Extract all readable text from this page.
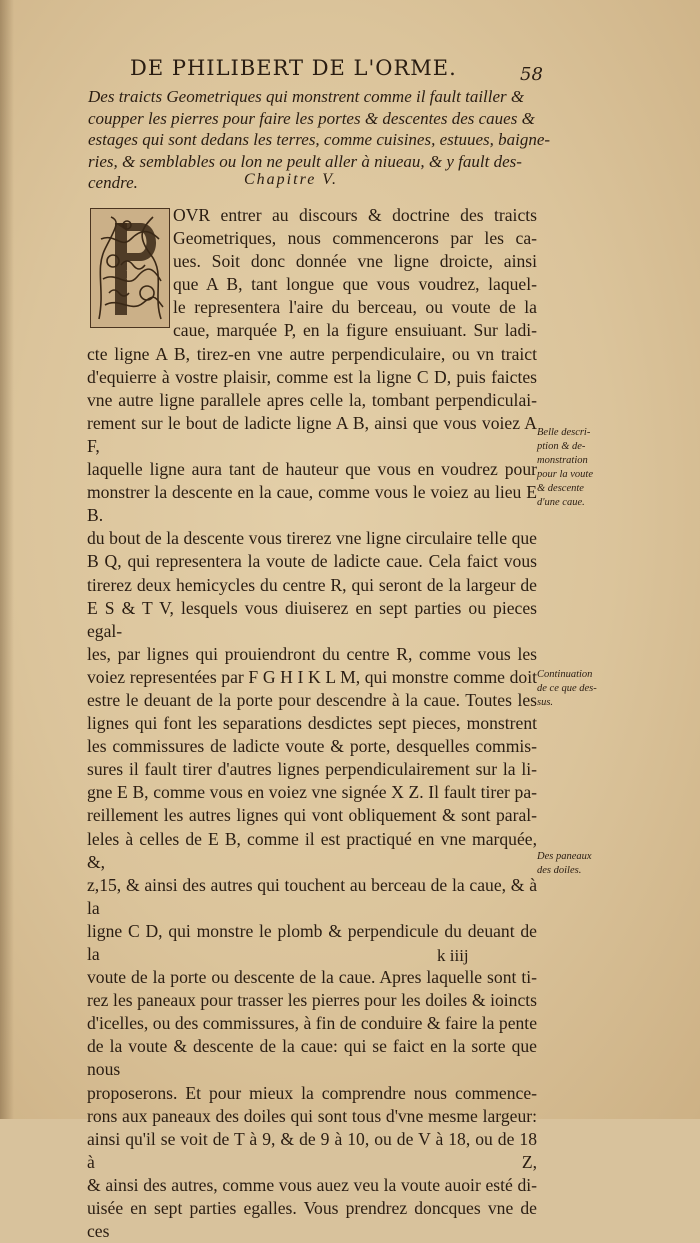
DE PHILIBERT DE L'ORME.	58
Des traicts Geometriques qui monstrent comme il fault tailler &
coupper les pierres pour faire les portes & descentes des caues &
estages qui sont dedans les terres, comme cuisines, estuues, baigne-
ries, & semblables ou lon ne peult aller à niueau, & y fault des-
cendre.	Chapitre V.
P
OVR entrer au discours & doctrine des traicts
Geometriques, nous commencerons par les ca-
ues. Soit donc donnée vne ligne droicte, ainsi
que A B, tant longue que vous voudrez, laquel-
le representera l'aire du berceau, ou voute de la
caue, marquée P, en la figure ensuiuant. Sur ladi-
cte ligne A B, tirez-en vne autre perpendiculaire, ou vn traict
d'equierre à vostre plaisir, comme est la ligne C D, puis faictes
vne autre ligne parallele apres celle la, tombant perpendiculai-
rement sur le bout de ladicte ligne A B, ainsi que vous voiez A F,
laquelle ligne aura tant de hauteur que vous en voudrez pour
monstrer la descente en la caue, comme vous le voiez au lieu E B.
du bout de la descente vous tirerez vne ligne circulaire telle que
B Q, qui representera la voute de ladicte caue. Cela faict vous
tirerez deux hemicycles du centre R, qui seront de la largeur de
E S & T V, lesquels vous diuiserez en sept parties ou pieces egal-
les, par lignes qui prouiendront du centre R, comme vous les
voiez representées par F G H I K L M, qui monstre comme doit
estre le deuant de la porte pour descendre à la caue. Toutes les
lignes qui font les separations desdictes sept pieces, monstrent
les commissures de ladicte voute & porte, desquelles commis-
sures il fault tirer d'autres lignes perpendiculairement sur la li-
gne E B, comme vous en voiez vne signée X Z. Il fault tirer pa-
reillement les autres lignes qui vont obliquement & sont paral-
leles à celles de E B, comme il est practiqué en vne marquée, &,
z,15, & ainsi des autres qui touchent au berceau de la caue, & à la
ligne C D, qui monstre le plomb & perpendicule du deuant de la
voute de la porte ou descente de la caue. Apres laquelle sont ti-
rez les paneaux pour trasser les pierres pour les doiles & ioincts
d'icelles, ou des commissures, à fin de conduire & faire la pente
de la voute & descente de la caue: qui se faict en la sorte que nous
proposerons. Et pour mieux la comprendre nous commence-
rons aux paneaux des doiles qui sont tous d'vne mesme largeur:
ainsi qu'il se voit de T à 9, & de 9 à 10, ou de V à 18, ou de 18 à Z,
& ainsi des autres, comme vous auez veu la voute auoir esté di-
uisée en sept parties egalles. Vous prendrez doncques vne de ces
Belle descri-
ption & de-
monstration
pour la voute
& descente
d'une caue.
Continuation
de ce que des-
sus.
Des paneaux
des doiles.
k iiij
